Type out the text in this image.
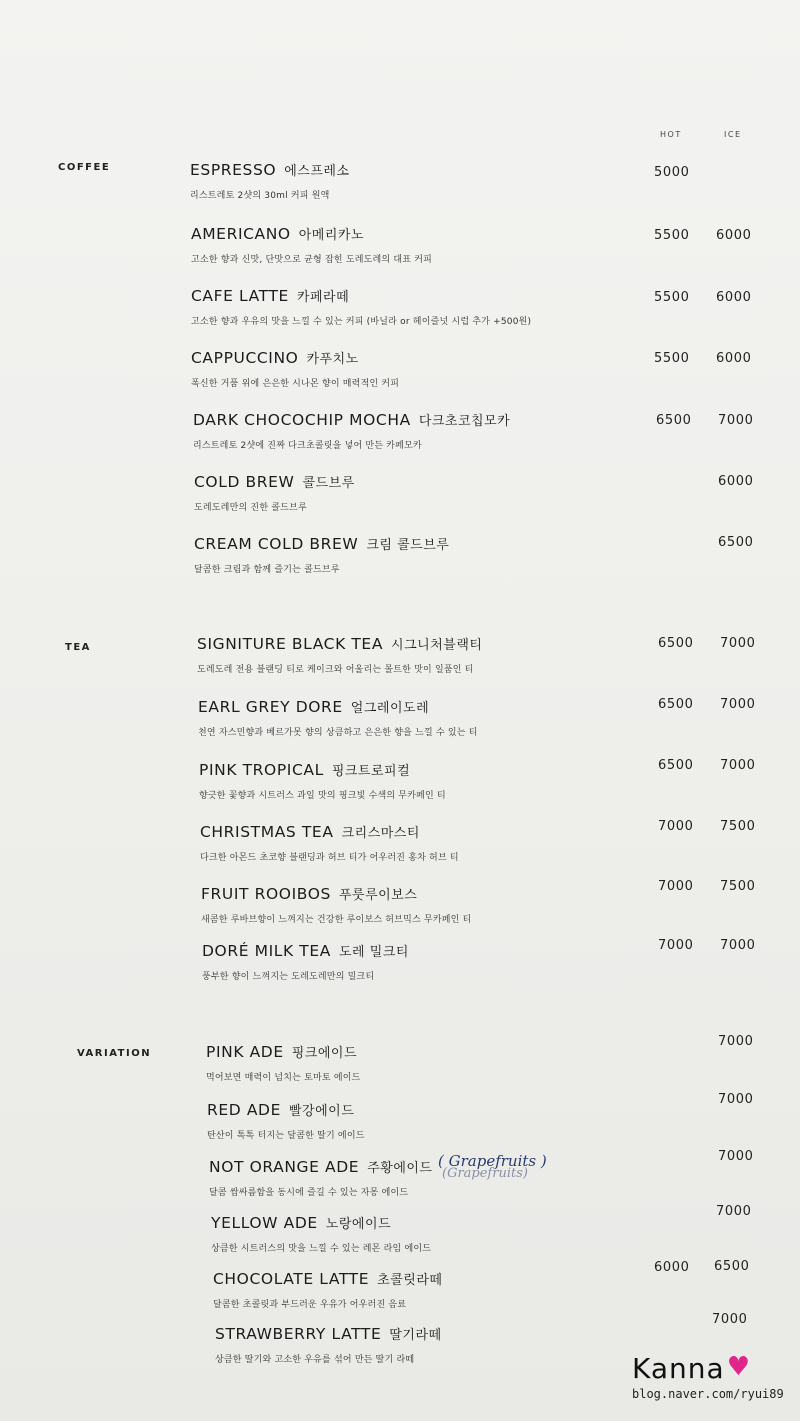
HOT	ICE
COFFEE
TEA
VARIATION
ESPRESSO 에스프레소
리스트레토 2샷의 30ml 커피 원액
5000
AMERICANO 아메리카노
고소한 향과 신맛, 단맛으로 균형 잡힌 도레도레의 대표 커피
5500 6000
CAFE LATTE 카페라떼
고소한 향과 우유의 맛을 느낄 수 있는 커피 (바닐라 or 헤이즐넛 시럽 추가 +500원)
5500 6000
CAPPUCCINO 카푸치노
폭신한 거품 위에 은은한 시나몬 향이 매력적인 커피
5500 6000
DARK CHOCOCHIP MOCHA 다크초코칩모카
리스트레토 2샷에 진짜 다크초콜릿을 넣어 만든 카페모카
6500 7000
COLD BREW 콜드브루
도레도레만의 진한 콜드브루
6000
CREAM COLD BREW 크림 콜드브루
달콤한 크림과 함께 즐기는 콜드브루
6500
SIGNITURE BLACK TEA 시그니처블랙티
도레도레 전용 블랜딩 티로 케이크와 어울리는 몰트한 맛이 일품인 티
6500 7000
EARL GREY DORE 얼그레이도레
천연 자스민향과 베르가못 향의 상큼하고 은은한 향을 느낄 수 있는 티
6500 7000
PINK TROPICAL 핑크트로피컬
향긋한 꽃향과 시트러스 과일 맛의 핑크빛 수색의 무카페인 티
6500 7000
CHRISTMAS TEA 크리스마스티
다크한 아몬드 초코향 블랜딩과 허브 티가 어우러진 홍차 허브 티
7000 7500
FRUIT ROOIBOS 푸룻루이보스
새콤한 루바브향이 느껴지는 건강한 루이보스 허브믹스 무카페인 티
7000 7500
DORÉ MILK TEA 도레 밀크티
풍부한 향이 느껴지는 도레도레만의 밀크티
7000 7000
PINK ADE 핑크에이드
먹어보면 매력이 넘치는 토마토 에이드
7000
RED ADE 빨강에이드
탄산이 톡톡 터지는 달콤한 딸기 에이드
7000
NOT ORANGE ADE 주황에이드
달콤 쌉싸름함을 동시에 즐길 수 있는 자몽 에이드
7000
(Grapefruits)
( Grapefruits )
YELLOW ADE 노랑에이드
상큼한 시트러스의 맛을 느낄 수 있는 레몬 라임 에이드
7000
CHOCOLATE LATTE 초콜릿라떼
달콤한 초콜릿과 부드러운 우유가 어우러진 음료
6000 6500
STRAWBERRY LATTE 딸기라떼
상큼한 딸기와 고소한 우유를 섞어 만든 딸기 라떼
7000
Kanna♥
blog.naver.com/ryui89
